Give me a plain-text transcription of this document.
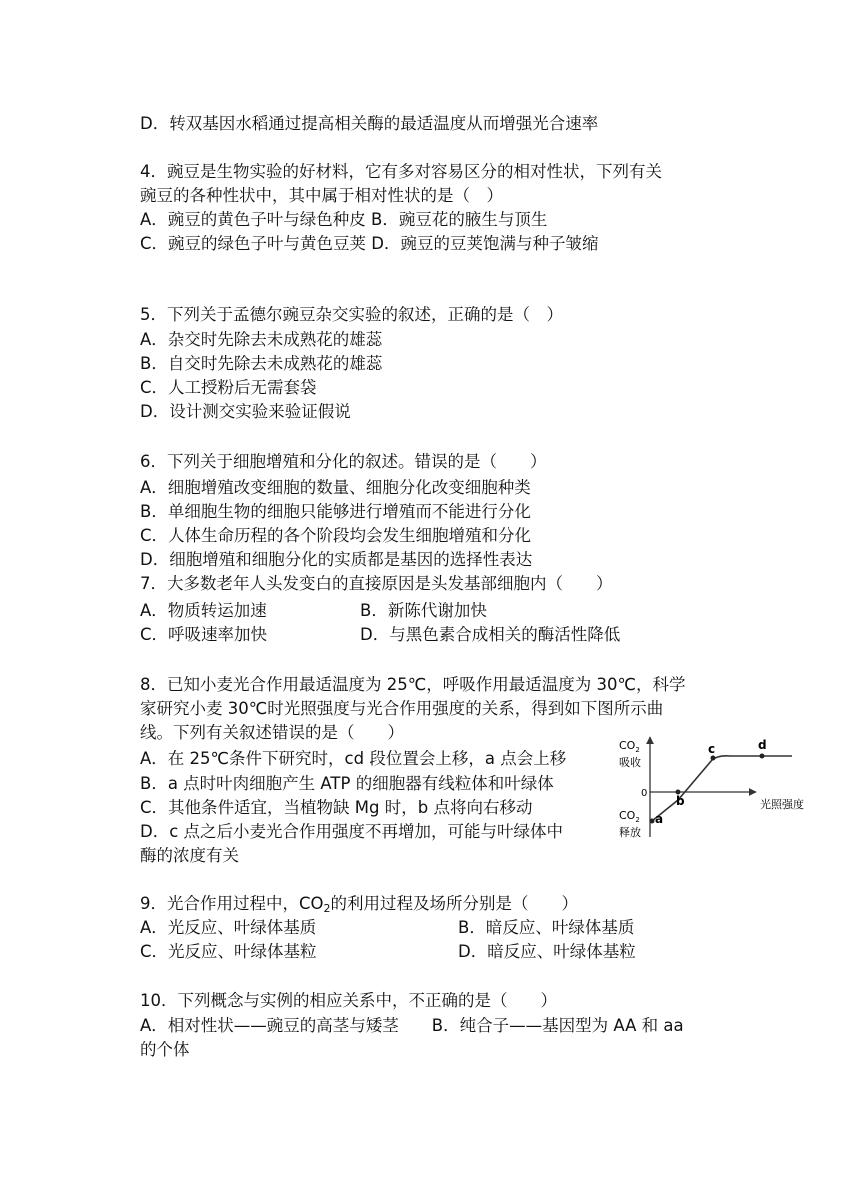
D．转双基因水稻通过提高相关酶的最适温度从而增强光合速率
4．豌豆是生物实验的好材料，它有多对容易区分的相对性状，下列有关
豌豆的各种性状中，其中属于相对性状的是（　）
A．豌豆的黄色子叶与绿色种皮 B．豌豆花的腋生与顶生
C．豌豆的绿色子叶与黄色豆荚 D．豌豆的豆荚饱满与种子皱缩
5．下列关于孟德尔豌豆杂交实验的叙述，正确的是（　）
A．杂交时先除去未成熟花的雄蕊
B．自交时先除去未成熟花的雄蕊
C．人工授粉后无需套袋
D．设计测交实验来验证假说
6．下列关于细胞增殖和分化的叙述。错误的是（　　）
A．细胞增殖改变细胞的数量、细胞分化改变细胞种类
B．单细胞生物的细胞只能够进行增殖而不能进行分化
C．人体生命历程的各个阶段均会发生细胞增殖和分化
D．细胞增殖和细胞分化的实质都是基因的选择性表达
7．大多数老年人头发变白的直接原因是头发基部细胞内（　　）
A．物质转运加速	B．新陈代谢加快
C．呼吸速率加快	D．与黑色素合成相关的酶活性降低
8．已知小麦光合作用最适温度为 25℃，呼吸作用最适温度为 30℃，科学
家研究小麦 30℃时光照强度与光合作用强度的关系，得到如下图所示曲
线。下列有关叙述错误的是（　　）
A．在 25℃条件下研究时，cd 段位置会上移，a 点会上移
B．a 点时叶肉细胞产生 ATP 的细胞器有线粒体和叶绿体
C．其他条件适宜，当植物缺 Mg 时，b 点将向右移动
D．c 点之后小麦光合作用强度不再增加，可能与叶绿体中
酶的浓度有关
$CO_2$
吸收
0
$CO_2$
释放
光照强度
a
b
c	d
9．光合作用过程中，$CO_2$的利用过程及场所分别是（　　）
A．光反应、叶绿体基质	B．暗反应、叶绿体基质
C．光反应、叶绿体基粒	D．暗反应、叶绿体基粒
10．下列概念与实例的相应关系中，不正确的是（　　）
A．相对性状——豌豆的高茎与矮茎　　B．纯合子——基因型为 AA 和 aa
的个体
